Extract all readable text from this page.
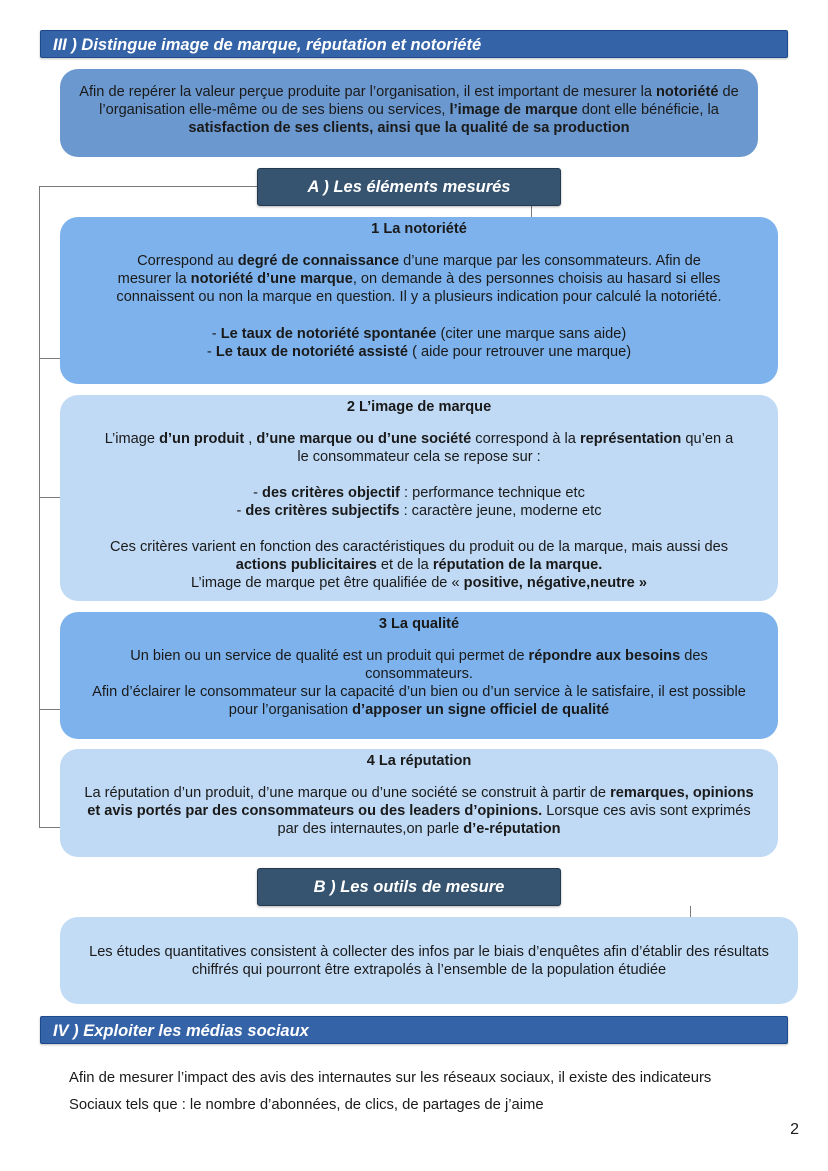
III ) Distingue image de marque, réputation et notoriété
Afin de repérer la valeur perçue produite par l’organisation, il est important de mesurer la notoriété de l’organisation elle-même ou de ses biens ou services, l’image de marque dont elle bénéficie, la satisfaction de ses clients, ainsi que la qualité de sa production
A ) Les éléments mesurés
1 La notoriété
Correspond au degré de connaissance d’une marque par les consommateurs. Afin de mesurer la notoriété d’une marque, on demande à des personnes choisis au hasard si elles connaissent ou non la marque en question. Il y a plusieurs indication pour calculé la notoriété.
- Le taux de notoriété spontanée (citer une marque sans aide)
- Le taux de notoriété assisté ( aide pour retrouver une marque)
2 L’image de marque
L’image d’un produit , d’une marque ou d’une société correspond à la représentation qu’en a le consommateur cela se repose sur :
- des critères objectif : performance technique etc
- des critères subjectifs : caractère jeune, moderne etc
Ces critères varient en fonction des caractéristiques du produit ou de la marque, mais aussi des actions publicitaires et de la réputation de la marque.
L’image de marque pet être qualifiée de « positive, négative,neutre »
3 La qualité
Un bien ou un service de qualité est un produit qui permet de répondre aux besoins des consommateurs.
Afin d’éclairer le consommateur sur la capacité d’un bien ou d’un service à le satisfaire, il est possible pour l’organisation d’apposer un signe officiel de qualité
4 La réputation
La réputation d’un produit, d’une marque ou d’une société se construit à partir de remarques, opinions et avis portés par des consommateurs ou des leaders d’opinions. Lorsque ces avis sont exprimés par des internautes,on parle d’e-réputation
B ) Les outils de mesure
Les études quantitatives consistent à collecter des infos par le biais d’enquêtes afin d’établir des résultats chiffrés qui pourront être extrapolés à l’ensemble de la population étudiée
IV ) Exploiter les médias sociaux
Afin de mesurer l’impact des avis des internautes sur les réseaux sociaux, il existe des indicateurs
Sociaux tels que : le nombre d’abonnées, de clics, de partages de j’aime
2
